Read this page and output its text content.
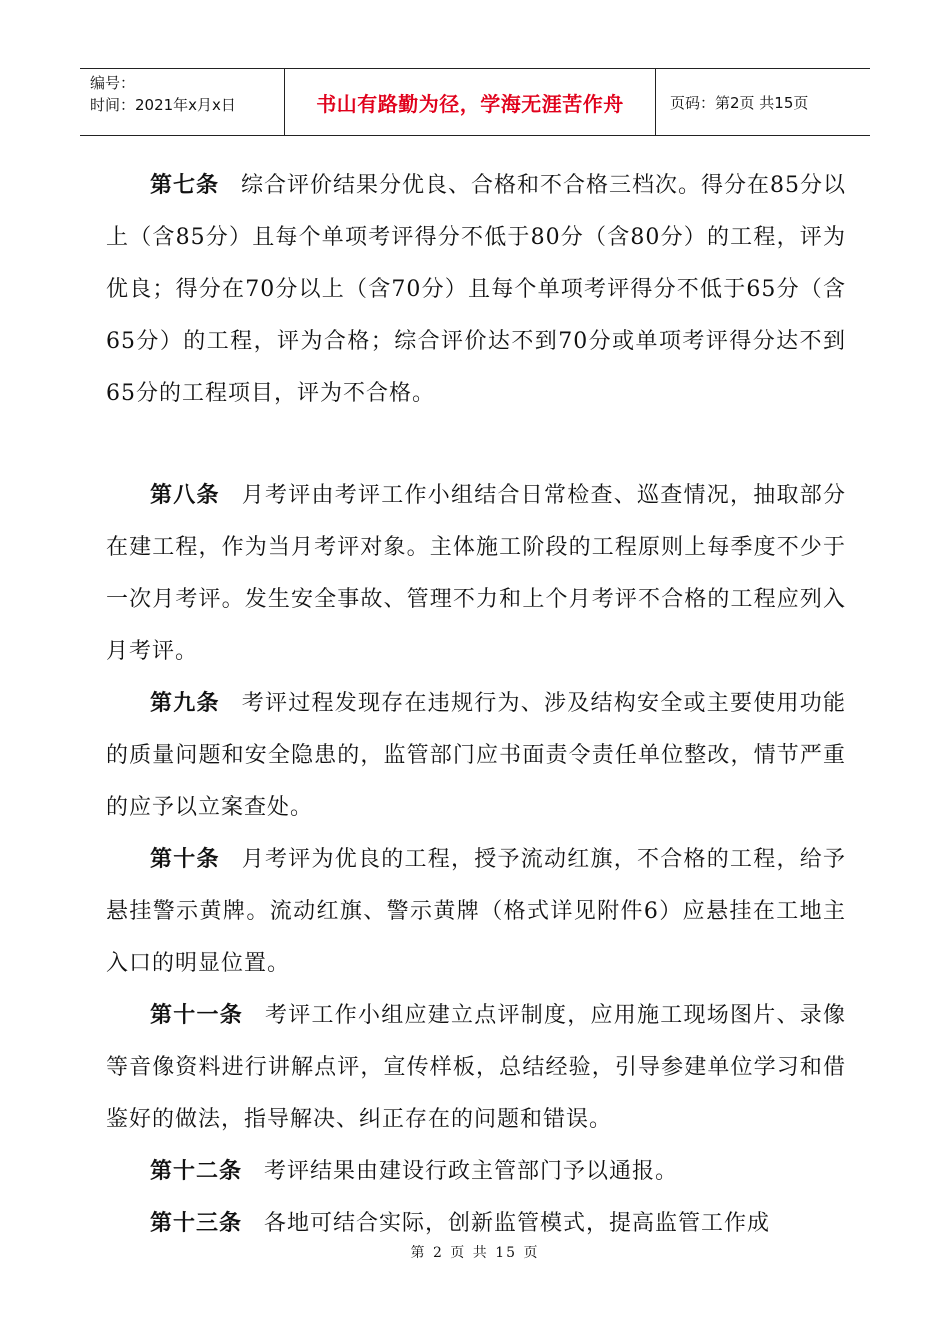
编号：
时间：2021年x月x日	书山有路勤为径，学海无涯苦作舟	页码：第2页 共15页

第七条 综合评价结果分优良、合格和不合格三档次。得分在85分以上（含85分）且每个单项考评得分不低于80分（含80分）的工程，评为优良；得分在70分以上（含70分）且每个单项考评得分不低于65分（含65分）的工程，评为合格；综合评价达不到70分或单项考评得分达不到65分的工程项目，评为不合格。

第八条 月考评由考评工作小组结合日常检查、巡查情况，抽取部分在建工程，作为当月考评对象。主体施工阶段的工程原则上每季度不少于一次月考评。发生安全事故、管理不力和上个月考评不合格的工程应列入月考评。

第九条 考评过程发现存在违规行为、涉及结构安全或主要使用功能的质量问题和安全隐患的，监管部门应书面责令责任单位整改，情节严重的应予以立案查处。

第十条 月考评为优良的工程，授予流动红旗，不合格的工程，给予悬挂警示黄牌。流动红旗、警示黄牌（格式详见附件6）应悬挂在工地主入口的明显位置。

第十一条 考评工作小组应建立点评制度，应用施工现场图片、录像等音像资料进行讲解点评，宣传样板，总结经验，引导参建单位学习和借鉴好的做法，指导解决、纠正存在的问题和错误。

第十二条 考评结果由建设行政主管部门予以通报。

第十三条 各地可结合实际，创新监管模式，提高监管工作成

第 2 页 共 15 页
